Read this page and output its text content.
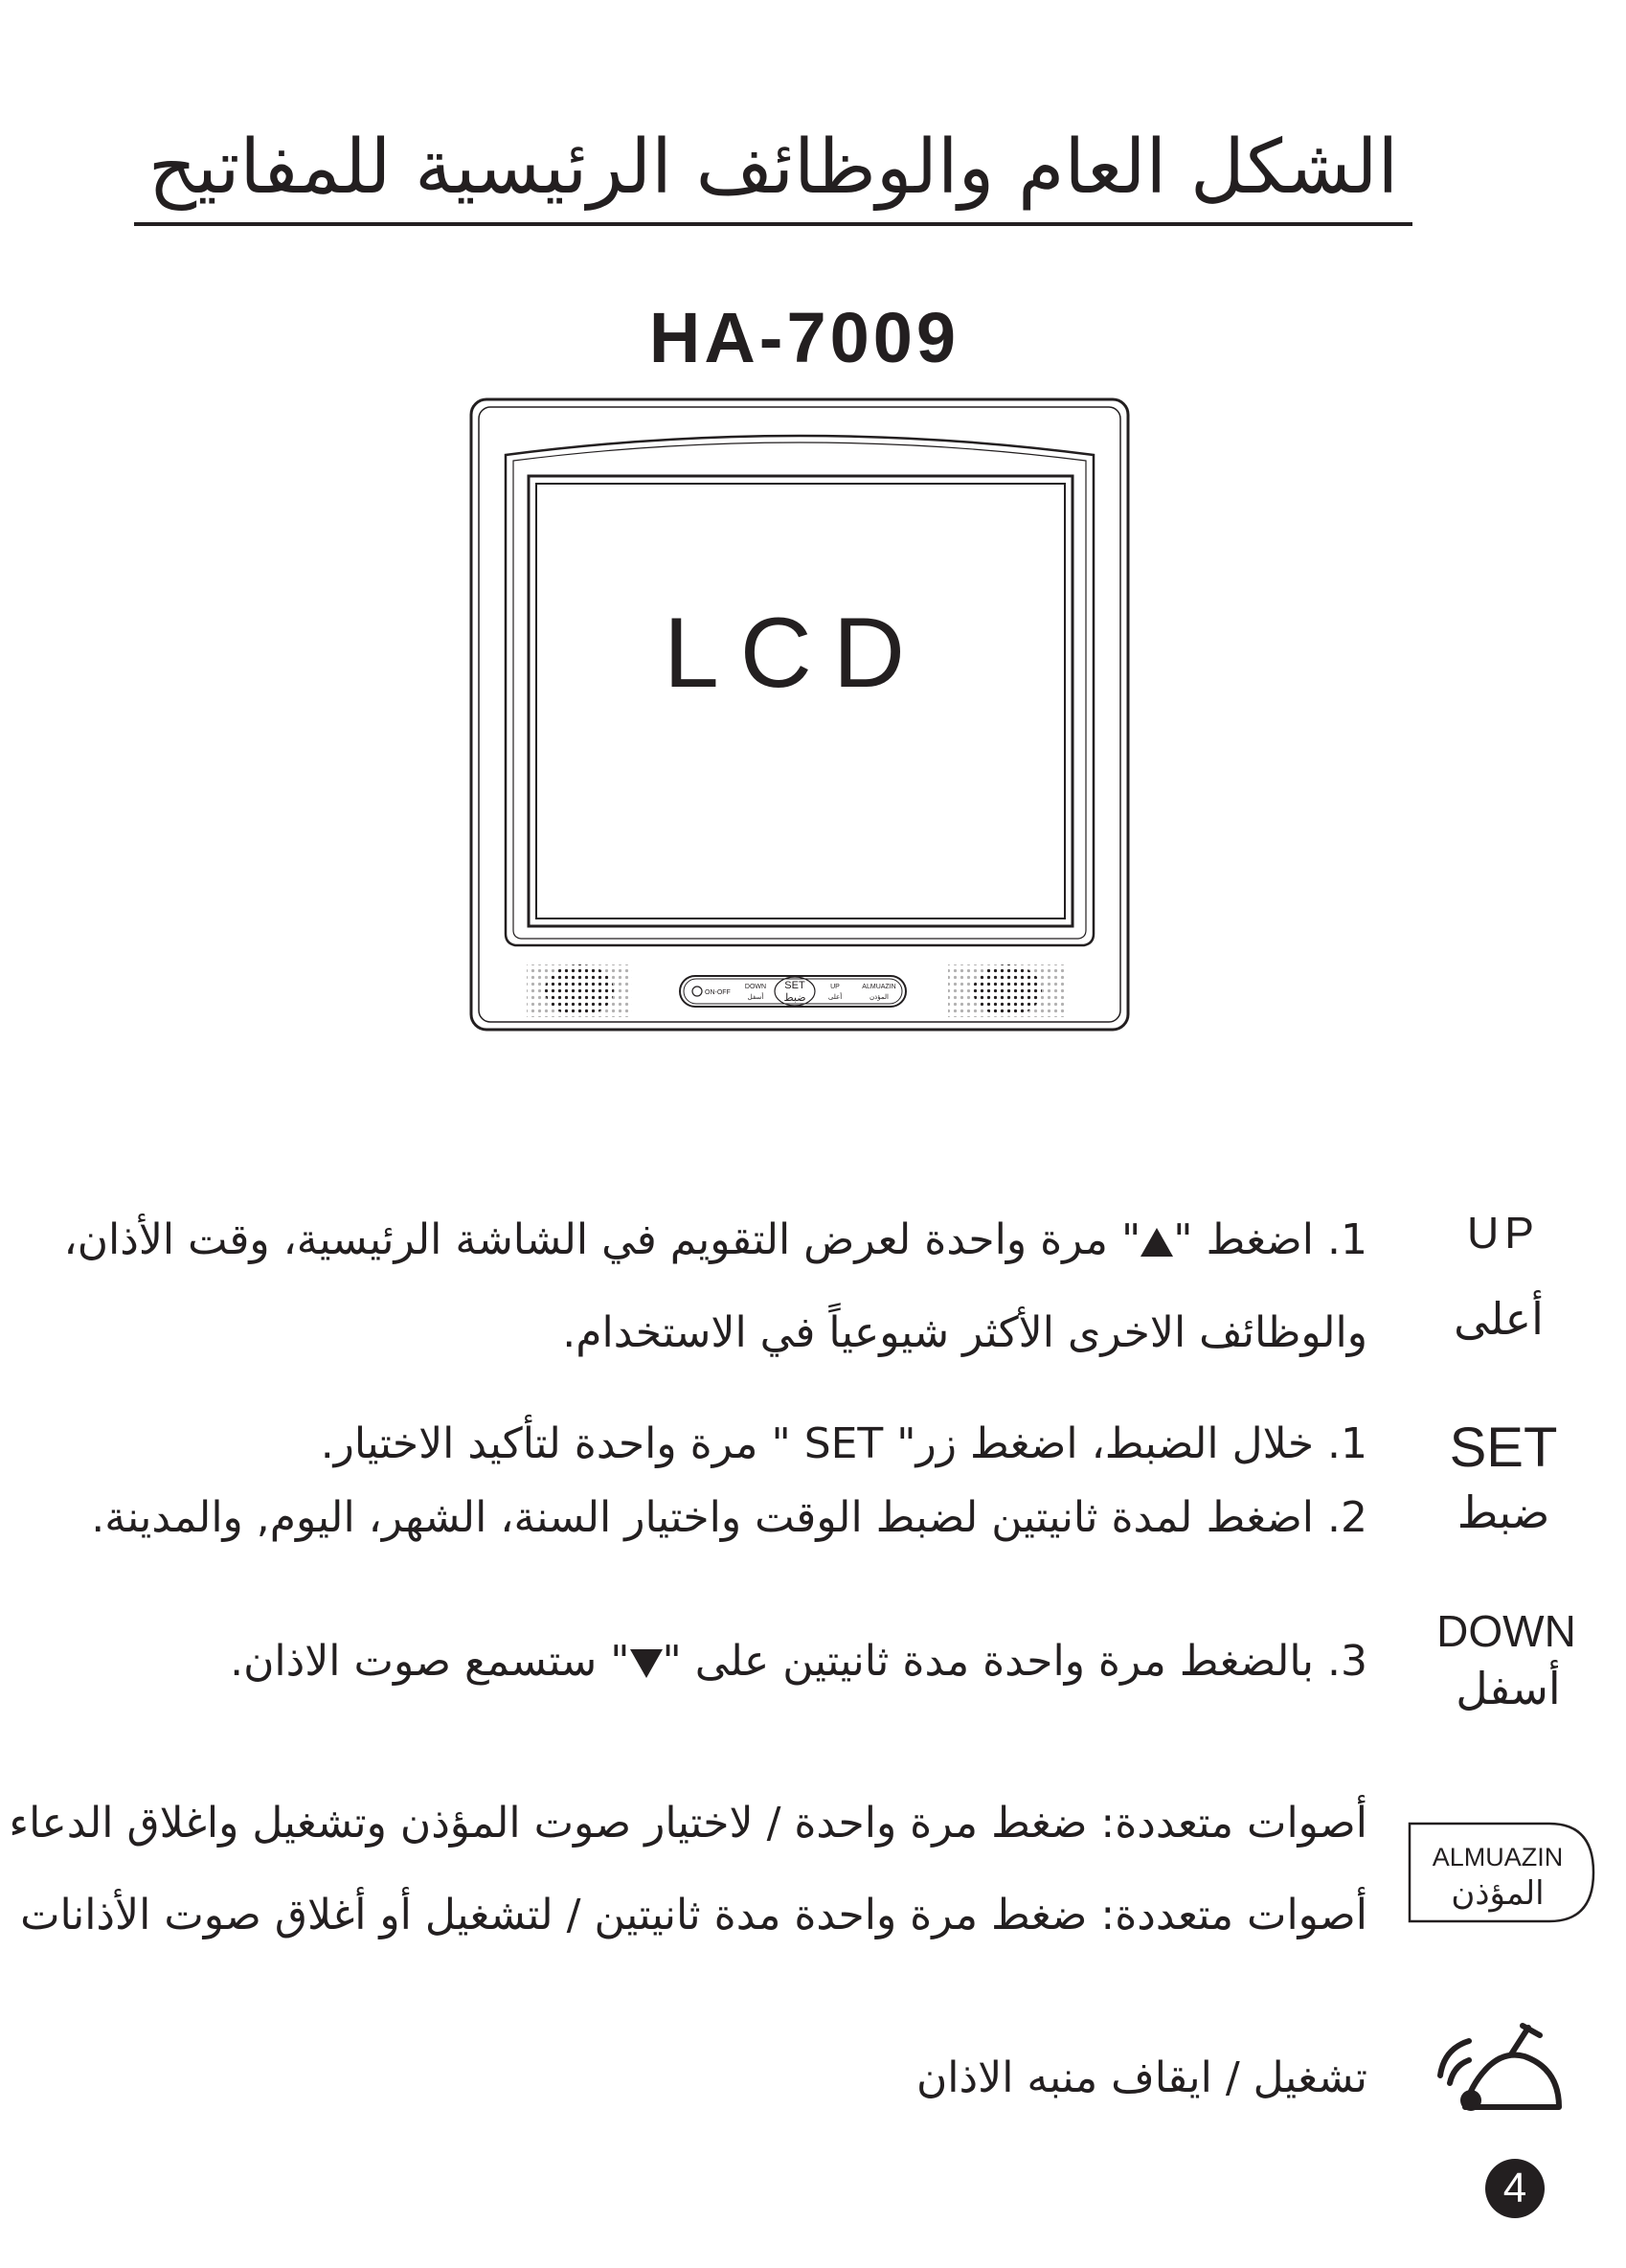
الشكل العام والوظائف الرئيسية للمفاتيح
HA-7009
LCD
ON-OFF
DOWN
أسفل
SET
ضبط
UP
أعلى
ALMUAZIN
المؤذن
UP
أعلى
1. اضغط "" مرة واحدة لعرض التقويم في الشاشة الرئيسية، وقت الأذان،
والوظائف الاخرى الأكثر شيوعياً في الاستخدام.
SET
ضبط
1. خلال الضبط، اضغط زر" SET " مرة واحدة لتأكيد الاختيار.
2. اضغط لمدة ثانيتين لضبط الوقت واختيار السنة، الشهر، اليوم, والمدينة.
DOWN
أسفل
3. بالضغط مرة واحدة مدة ثانيتين على "" ستسمع صوت الاذان.
ALMUAZIN
المؤذن
أصوات متعددة: ضغط مرة واحدة / لاختيار صوت المؤذن وتشغيل واغلاق الدعاء
أصوات متعددة: ضغط مرة واحدة مدة ثانيتين / لتشغيل أو أغلاق صوت الأذانات
تشغيل / ايقاف منبه الاذان
4
